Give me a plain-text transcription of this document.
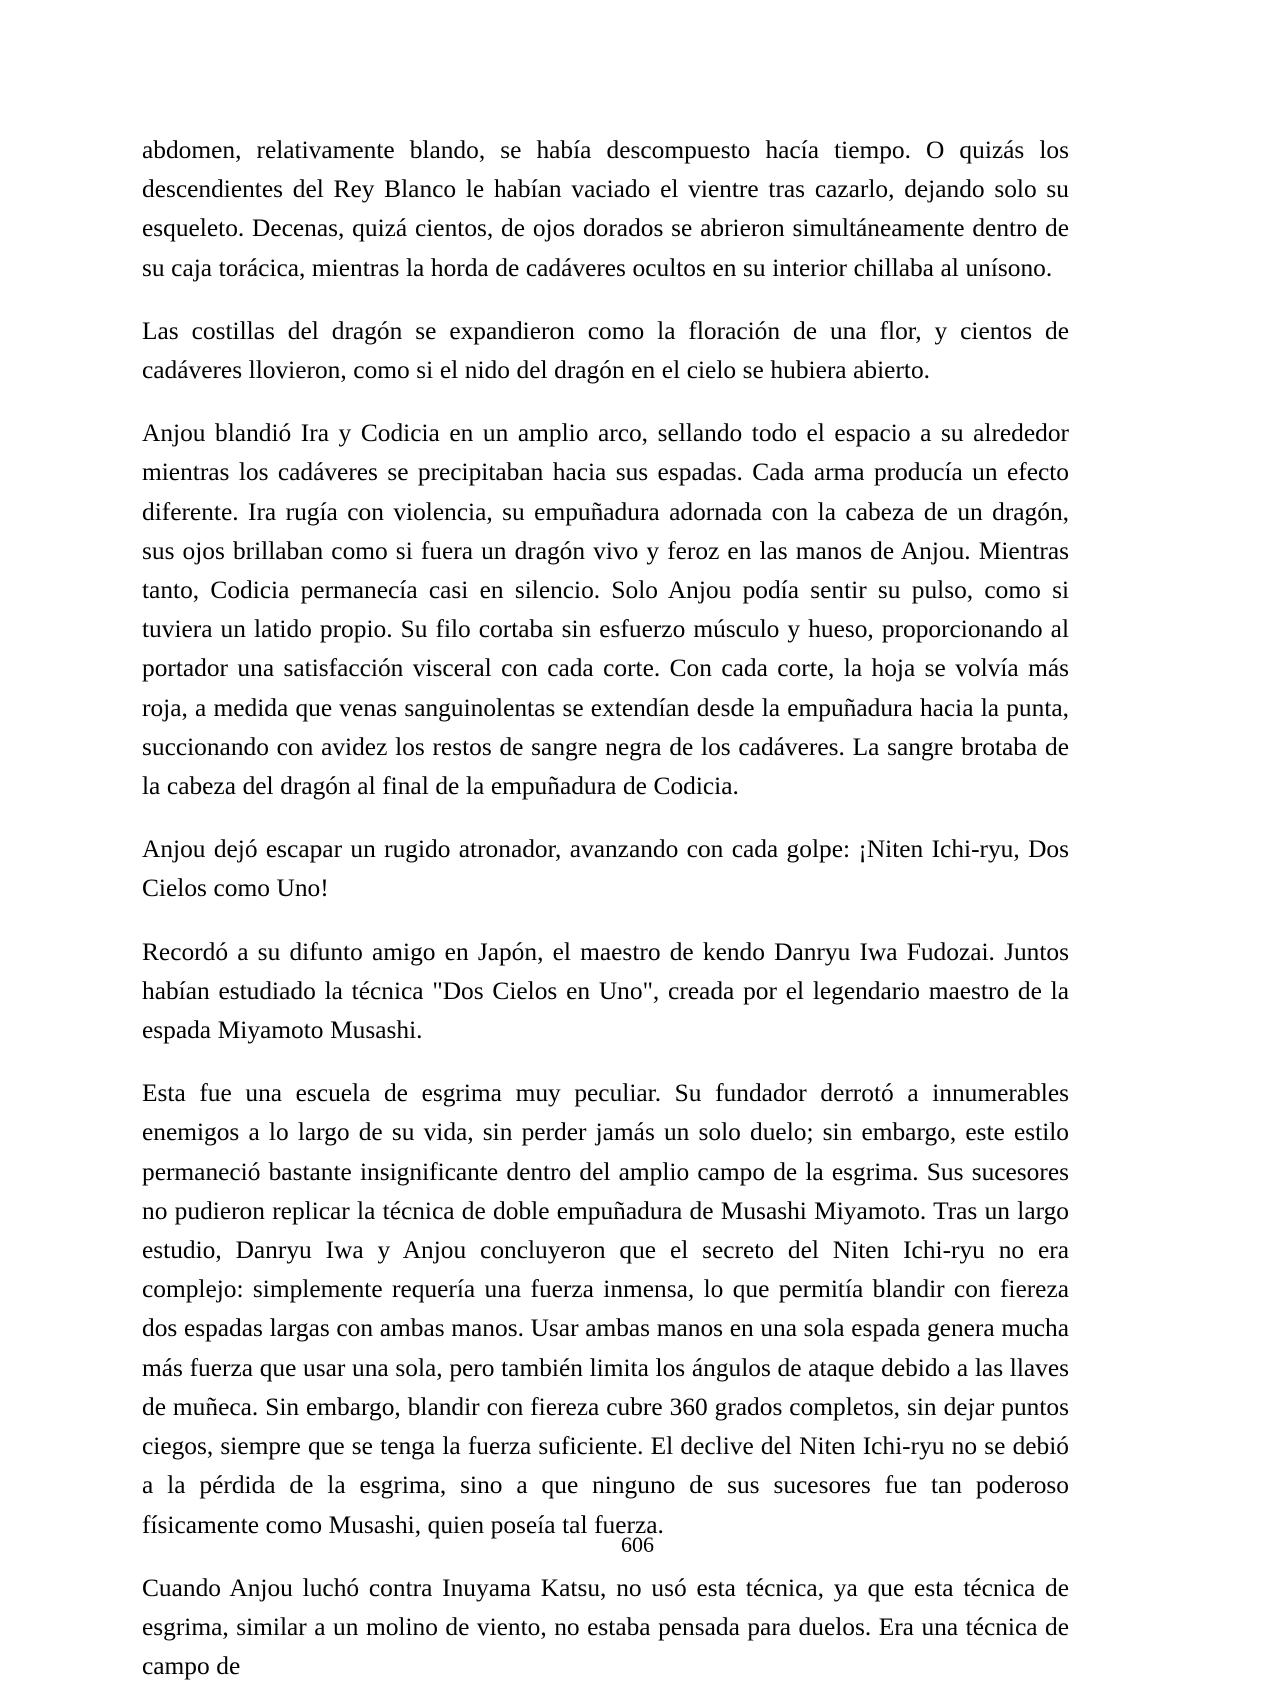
abdomen, relativamente blando, se había descompuesto hacía tiempo. O quizás los descendientes del Rey Blanco le habían vaciado el vientre tras cazarlo, dejando solo su esqueleto. Decenas, quizá cientos, de ojos dorados se abrieron simultáneamente dentro de su caja torácica, mientras la horda de cadáveres ocultos en su interior chillaba al unísono.

Las costillas del dragón se expandieron como la floración de una flor, y cientos de cadáveres llovieron, como si el nido del dragón en el cielo se hubiera abierto.

Anjou blandió Ira y Codicia en un amplio arco, sellando todo el espacio a su alrededor mientras los cadáveres se precipitaban hacia sus espadas. Cada arma producía un efecto diferente. Ira rugía con violencia, su empuñadura adornada con la cabeza de un dragón, sus ojos brillaban como si fuera un dragón vivo y feroz en las manos de Anjou. Mientras tanto, Codicia permanecía casi en silencio. Solo Anjou podía sentir su pulso, como si tuviera un latido propio. Su filo cortaba sin esfuerzo músculo y hueso, proporcionando al portador una satisfacción visceral con cada corte. Con cada corte, la hoja se volvía más roja, a medida que venas sanguinolentas se extendían desde la empuñadura hacia la punta, succionando con avidez los restos de sangre negra de los cadáveres. La sangre brotaba de la cabeza del dragón al final de la empuñadura de Codicia.

Anjou dejó escapar un rugido atronador, avanzando con cada golpe: ¡Niten Ichi-ryu, Dos Cielos como Uno!

Recordó a su difunto amigo en Japón, el maestro de kendo Danryu Iwa Fudozai. Juntos habían estudiado la técnica "Dos Cielos en Uno", creada por el legendario maestro de la espada Miyamoto Musashi.

Esta fue una escuela de esgrima muy peculiar. Su fundador derrotó a innumerables enemigos a lo largo de su vida, sin perder jamás un solo duelo; sin embargo, este estilo permaneció bastante insignificante dentro del amplio campo de la esgrima. Sus sucesores no pudieron replicar la técnica de doble empuñadura de Musashi Miyamoto. Tras un largo estudio, Danryu Iwa y Anjou concluyeron que el secreto del Niten Ichi-ryu no era complejo: simplemente requería una fuerza inmensa, lo que permitía blandir con fiereza dos espadas largas con ambas manos. Usar ambas manos en una sola espada genera mucha más fuerza que usar una sola, pero también limita los ángulos de ataque debido a las llaves de muñeca. Sin embargo, blandir con fiereza cubre 360 grados completos, sin dejar puntos ciegos, siempre que se tenga la fuerza suficiente. El declive del Niten Ichi-ryu no se debió a la pérdida de la esgrima, sino a que ninguno de sus sucesores fue tan poderoso físicamente como Musashi, quien poseía tal fuerza.

Cuando Anjou luchó contra Inuyama Katsu, no usó esta técnica, ya que esta técnica de esgrima, similar a un molino de viento, no estaba pensada para duelos. Era una técnica de campo de

606
